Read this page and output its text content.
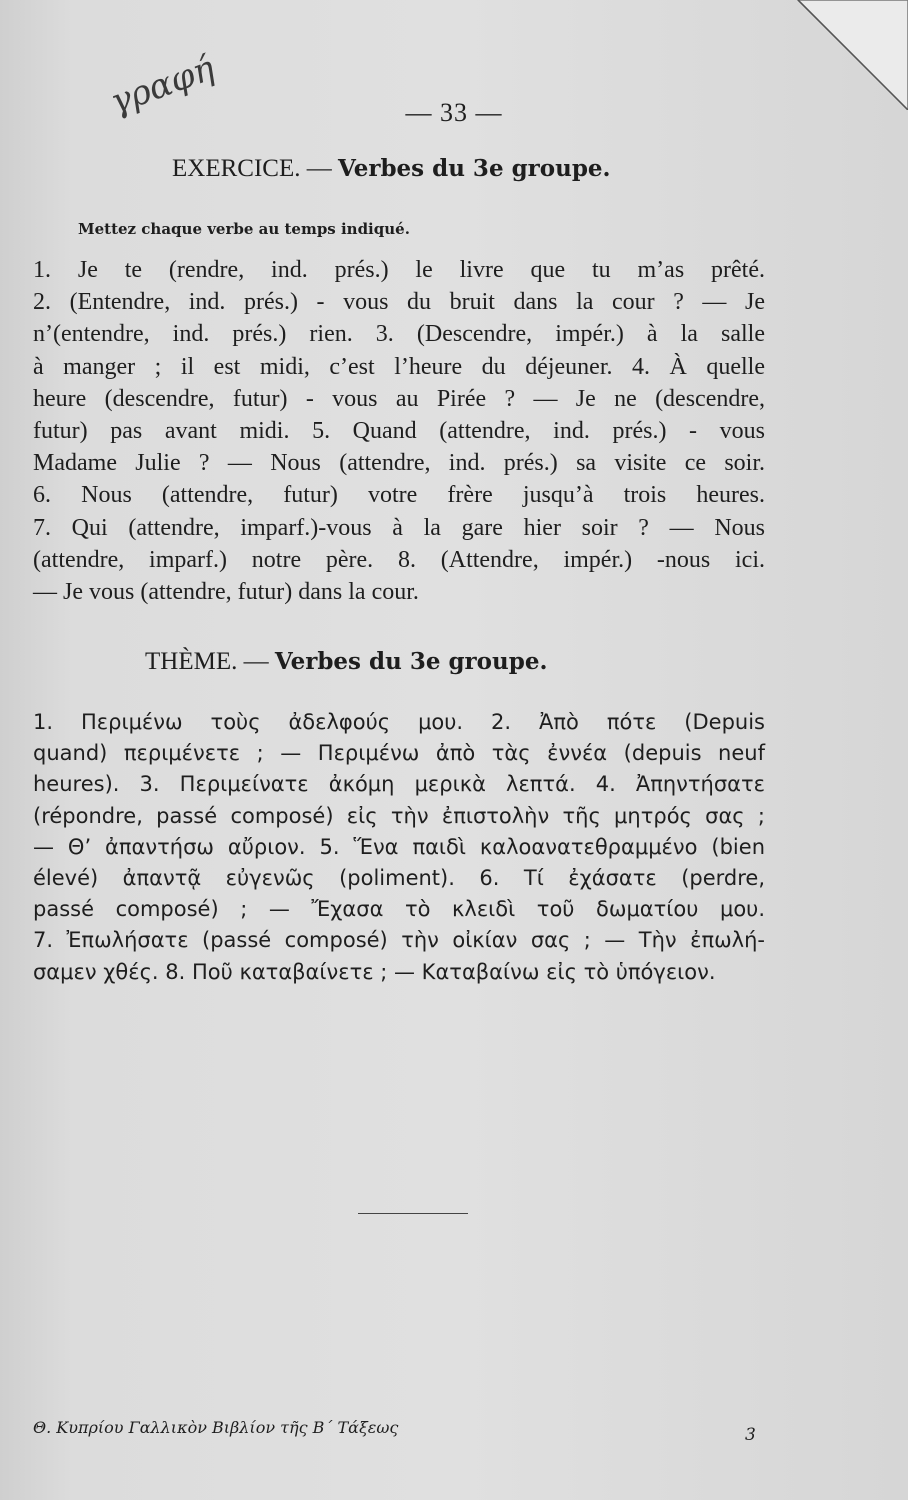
γραφή	— 33 —
EXERCICE. — Verbes du 3e groupe.
Mettez chaque verbe au temps indiqué.
1. Je te (rendre, ind. prés.) le livre que tu m’as prêté.
2. (Entendre, ind. prés.) - vous du bruit dans la cour ? — Je
n’(entendre, ind. prés.) rien. 3. (Descendre, impér.) à la salle
à manger ; il est midi, c’est l’heure du déjeuner. 4. À quelle
heure (descendre, futur) - vous au Pirée ? — Je ne (descendre,
futur) pas avant midi. 5. Quand (attendre, ind. prés.) - vous
Madame Julie ? — Nous (attendre, ind. prés.) sa visite ce soir.
6. Nous (attendre, futur) votre frère jusqu’à trois heures.
7. Qui (attendre, imparf.)-vous à la gare hier soir ? — Nous
(attendre, imparf.) notre père. 8. (Attendre, impér.) -nous ici.
— Je vous (attendre, futur) dans la cour.
THÈME. — Verbes du 3e groupe.
1. Περιμένω τοὺς ἀδελφούς μου. 2. Ἀπὸ πότε (Depuis
quand) περιμένετε ; — Περιμένω ἀπὸ τὰς ἐννέα (depuis neuf
heures). 3. Περιμείνατε ἀκόμη μερικὰ λεπτά. 4. Ἀπηντήσατε
(répondre, passé composé) εἰς τὴν ἐπιστολὴν τῆς μητρός σας ;
— Θ’ ἀπαντήσω αὔριον. 5. Ἕνα παιδὶ καλοανατεθραμμένο (bien
élevé) ἀπαντᾷ εὐγενῶς (poliment). 6. Τί ἐχάσατε (perdre,
passé composé) ; — Ἔχασα τὸ κλειδὶ τοῦ δωματίου μου.
7. Ἐπωλήσατε (passé composé) τὴν οἰκίαν σας ; — Τὴν ἐπωλή-
σαμεν χθές. 8. Ποῦ καταβαίνετε ; — Καταβαίνω εἰς τὸ ὑπόγειον.
Θ. Κυπρίου Γαλλικὸν Βιβλίον τῆς Β΄ Τάξεως	3
